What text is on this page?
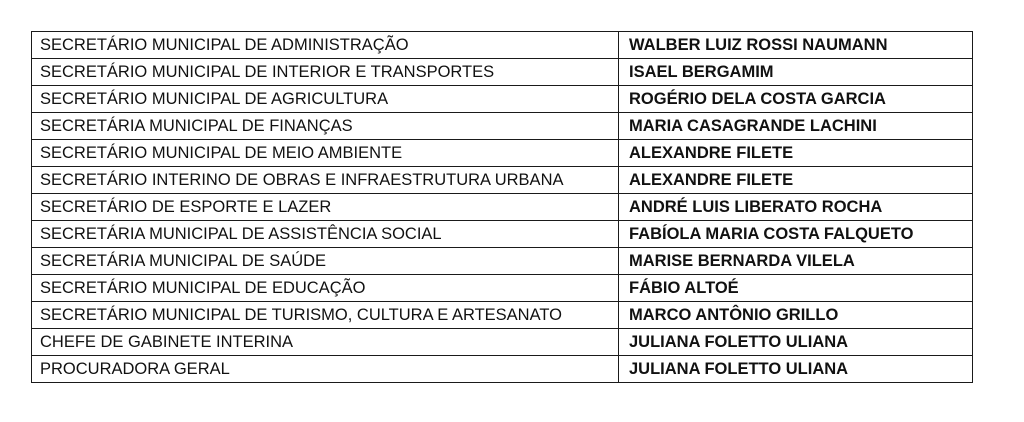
SECRETÁRIO MUNICIPAL DE ADMINISTRAÇÃO	WALBER LUIZ ROSSI NAUMANN
SECRETÁRIO MUNICIPAL DE INTERIOR E TRANSPORTES	ISAEL BERGAMIM
SECRETÁRIO MUNICIPAL DE AGRICULTURA	ROGÉRIO DELA COSTA GARCIA
SECRETÁRIA MUNICIPAL DE FINANÇAS	MARIA CASAGRANDE LACHINI
SECRETÁRIO MUNICIPAL DE MEIO AMBIENTE	ALEXANDRE FILETE
SECRETÁRIO INTERINO DE OBRAS E INFRAESTRUTURA URBANA	ALEXANDRE FILETE
SECRETÁRIO DE ESPORTE E LAZER	ANDRÉ LUIS LIBERATO ROCHA
SECRETÁRIA MUNICIPAL DE ASSISTÊNCIA SOCIAL	FABÍOLA MARIA COSTA FALQUETO
SECRETÁRIA MUNICIPAL DE SAÚDE	MARISE BERNARDA VILELA
SECRETÁRIO MUNICIPAL DE EDUCAÇÃO	FÁBIO ALTOÉ
SECRETÁRIO MUNICIPAL DE TURISMO, CULTURA E ARTESANATO	MARCO ANTÔNIO GRILLO
CHEFE DE GABINETE INTERINA	JULIANA FOLETTO ULIANA
PROCURADORA GERAL	JULIANA FOLETTO ULIANA
